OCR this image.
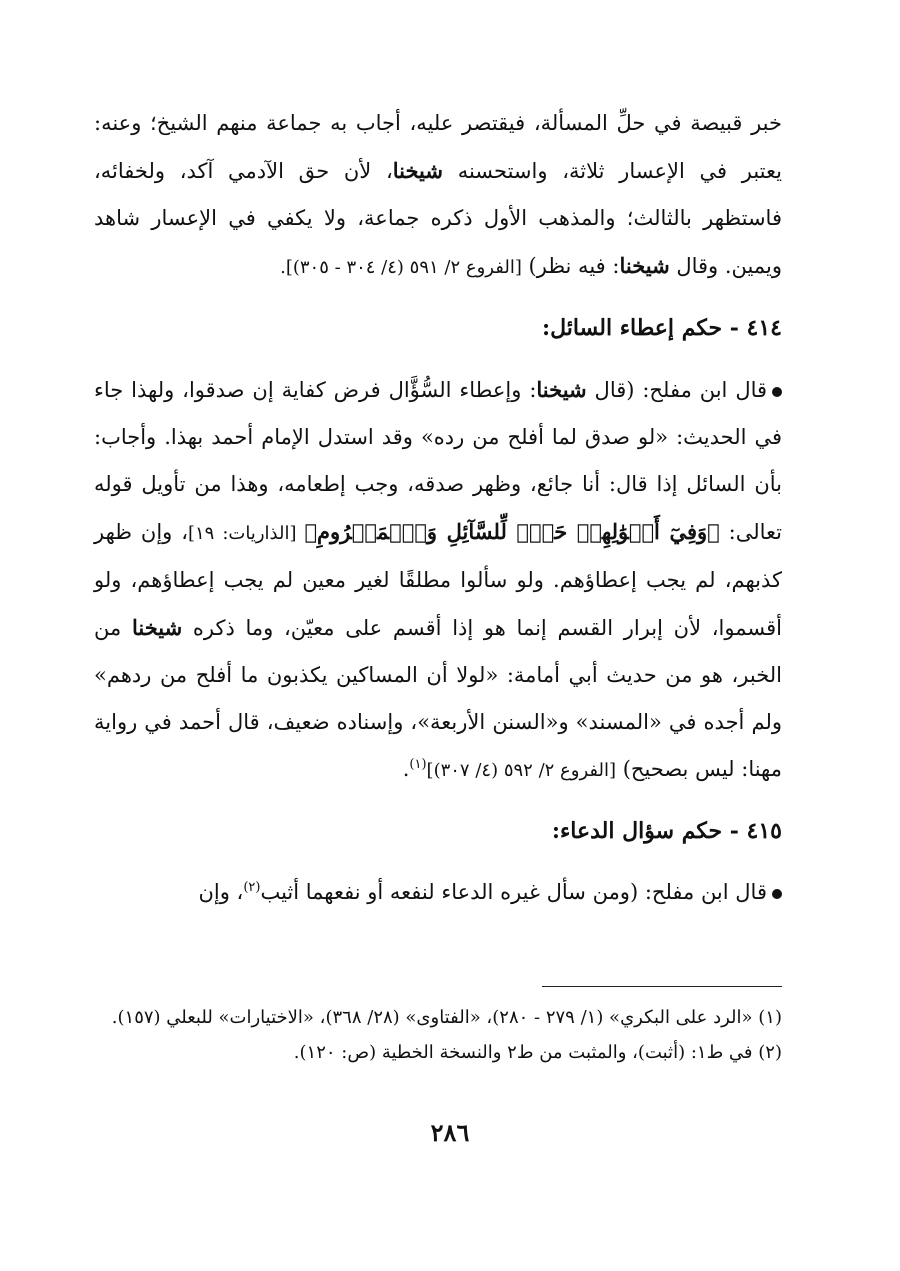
خبر قبيصة في حلِّ المسألة، فيقتصر عليه، أجاب به جماعة منهم الشيخ؛ وعنه: يعتبر في الإعسار ثلاثة، واستحسنه شيخنا، لأن حق الآدمي آكد، ولخفائه، فاستظهر بالثالث؛ والمذهب الأول ذكره جماعة، ولا يكفي في الإعسار شاهد ويمين. وقال شيخنا: فيه نظر) [الفروع ٢/ ٥٩١ (٤/ ٣٠٤ - ٣٠٥)].

٤١٤ - حكم إعطاء السائل:

قال ابن مفلح: (قال شيخنا: وإعطاء السُّؤَّال فرض كفاية إن صدقوا، ولهذا جاء في الحديث: «لو صدق لما أفلح من رده» وقد استدل الإمام أحمد بهذا. وأجاب: بأن السائل إذا قال: أنا جائع، وظهر صدقه، وجب إطعامه، وهذا من تأويل قوله تعالى: ﴿وَفِيٓ أَمۡوَٰلِهِمۡ حَقّٞ لِّلسَّآئِلِ وَٱلۡمَحۡرُومِ﴾ [الذاريات: ١٩]، وإن ظهر كذبهم، لم يجب إعطاؤهم. ولو سألوا مطلقًا لغير معين لم يجب إعطاؤهم، ولو أقسموا، لأن إبرار القسم إنما هو إذا أقسم على معيّن، وما ذكره شيخنا من الخبر، هو من حديث أبي أمامة: «لولا أن المساكين يكذبون ما أفلح من ردهم» ولم أجده في «المسند» و«السنن الأربعة»، وإسناده ضعيف، قال أحمد في رواية مهنا: ليس بصحيح) [الفروع ٢/ ٥٩٢ (٤/ ٣٠٧)]$^{(١)}$.

٤١٥ - حكم سؤال الدعاء:

قال ابن مفلح: (ومن سأل غيره الدعاء لنفعه أو نفعهما أثيب$^{(٢)}$، وإن

(١) «الرد على البكري» (١/ ٢٧٩ - ٢٨٠)، «الفتاوى» (٢٨/ ٣٦٨)، «الاختيارات» للبعلي (١٥٧).

(٢) في ط١: (أثبت)، والمثبت من ط٢ والنسخة الخطية (ص: ١٢٠).

٢٨٦
